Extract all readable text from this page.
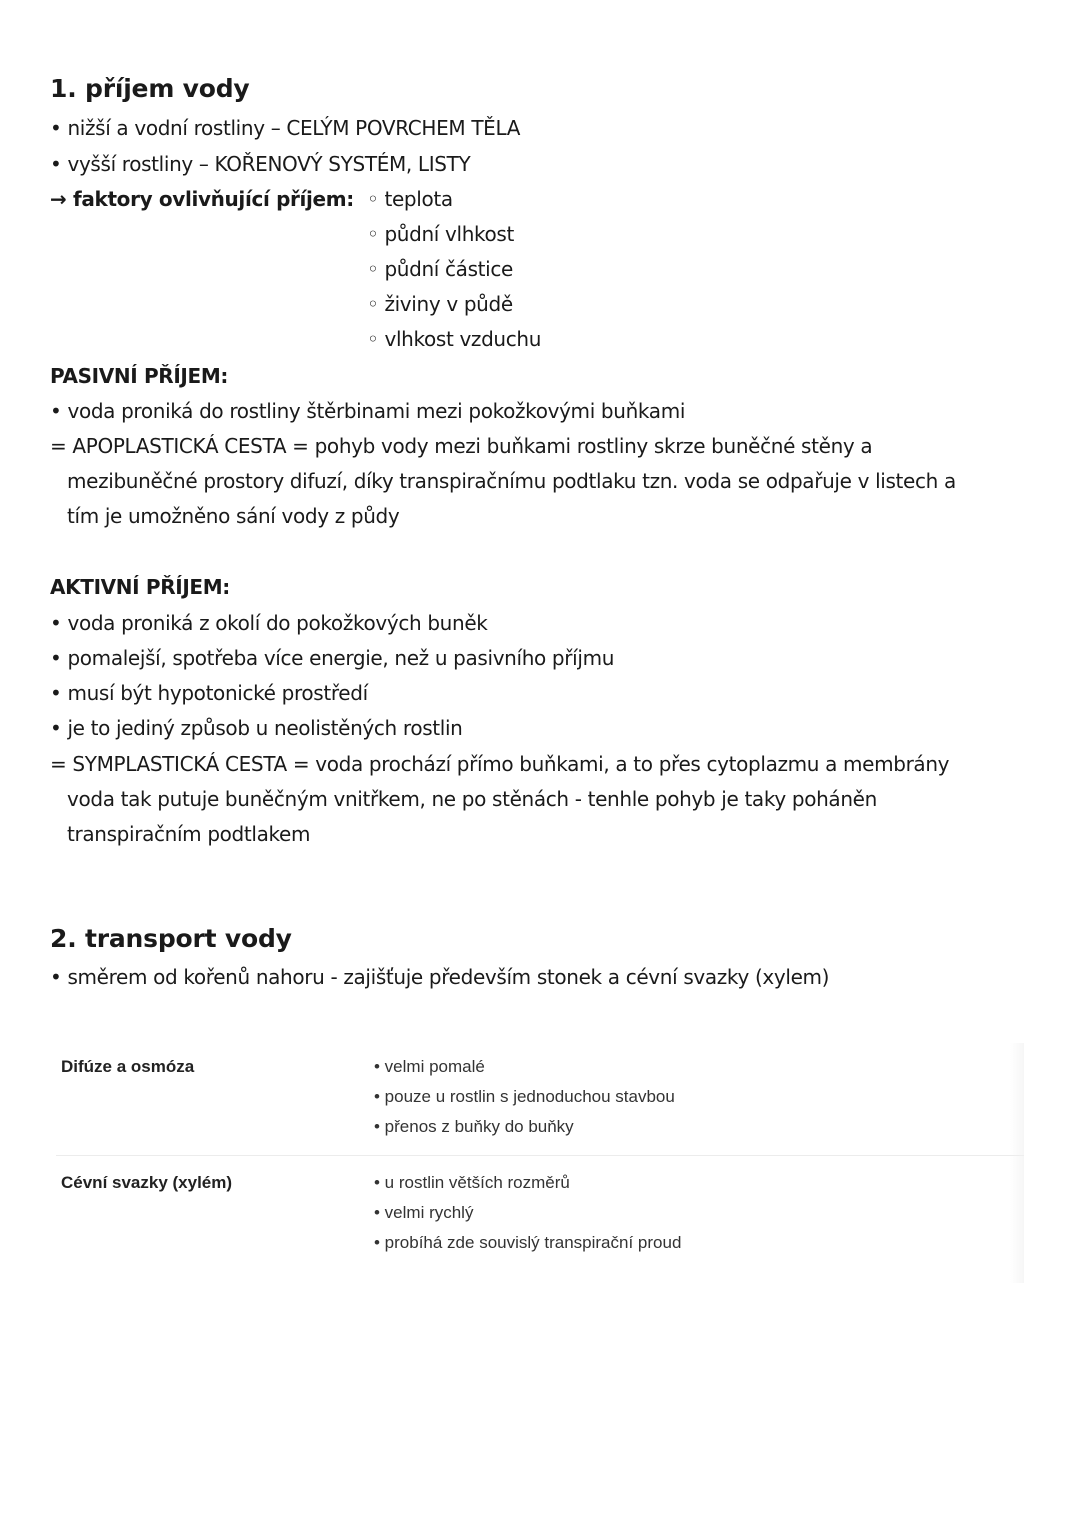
1. příjem vody
• nižší a vodní rostliny – CELÝM POVRCHEM TĚLA
• vyšší rostliny – KOŘENOVÝ SYSTÉM, LISTY
→ faktory ovlivňující příjem: ◦ teplota
◦ půdní vlhkost
◦ půdní částice
◦ živiny v půdě
◦ vlhkost vzduchu
PASIVNÍ PŘÍJEM:
• voda proniká do rostliny štěrbinami mezi pokožkovými buňkami
= APOPLASTICKÁ CESTA = pohyb vody mezi buňkami rostliny skrze buněčné stěny a
mezibuněčné prostory difuzí, díky transpiračnímu podtlaku tzn. voda se odpařuje v listech a
tím je umožněno sání vody z půdy
AKTIVNÍ PŘÍJEM:
• voda proniká z okolí do pokožkových buněk
• pomalejší, spotřeba více energie, než u pasivního příjmu
• musí být hypotonické prostředí
• je to jediný způsob u neolistěných rostlin
= SYMPLASTICKÁ CESTA = voda prochází přímo buňkami, a to přes cytoplazmu a membrány
voda tak putuje buněčným vnitřkem, ne po stěnách - tenhle pohyb je taky poháněn
transpiračním podtlakem
2. transport vody
• směrem od kořenů nahoru - zajišťuje především stonek a cévní svazky (xylem)
Difúze a osmóza	• velmi pomalé
• pouze u rostlin s jednoduchou stavbou
• přenos z buňky do buňky
Cévní svazky (xylém)	• u rostlin větších rozměrů
• velmi rychlý
• probíhá zde souvislý transpirační proud
